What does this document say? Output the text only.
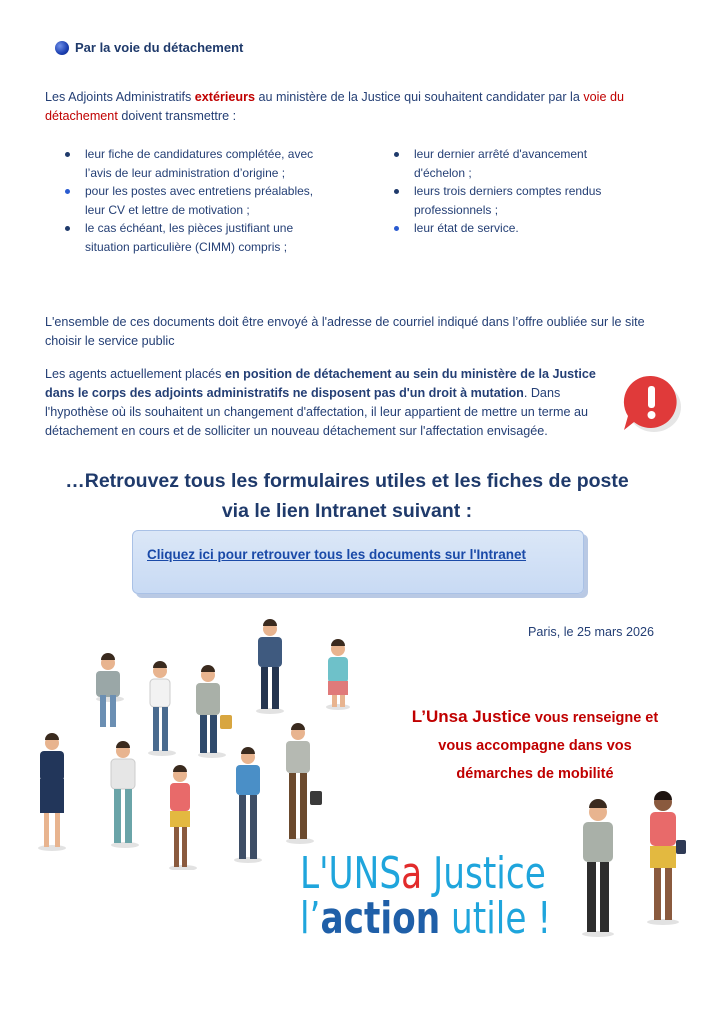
Par la voie du détachement
Les Adjoints Administratifs extérieurs au ministère de la Justice qui souhaitent candidater par la voie du détachement doivent transmettre :
leur fiche de candidatures complétée, avec l’avis de leur administration d’origine ;
pour les postes avec entretiens préalables, leur CV et lettre de motivation ;
le cas échéant, les pièces justifiant une situation particulière (CIMM) compris ;
leur dernier arrêté d'avancement d'échelon ;
leurs trois derniers comptes rendus professionnels ;
leur état de service.
L'ensemble de ces documents doit être envoyé à l'adresse de courriel indiqué dans l’offre oubliée sur le site choisir le service public
Les agents actuellement placés en position de détachement au sein du ministère de la Justice dans le corps des adjoints administratifs ne disposent pas d'un droit à mutation. Dans l'hypothèse où ils souhaitent un changement d'affectation, il leur appartient de mettre un terme au détachement en cours et de solliciter un nouveau détachement sur l'affectation envisagée.
…Retrouvez tous les formulaires utiles et les fiches de poste
via le lien Intranet suivant :
Cliquez ici pour retrouver tous les documents sur l'Intranet
Paris, le 25 mars 2026
L’Unsa Justice vous renseigne et
vous accompagne dans vos
démarches de mobilité
L'UNSa Justice
l’action utile !
